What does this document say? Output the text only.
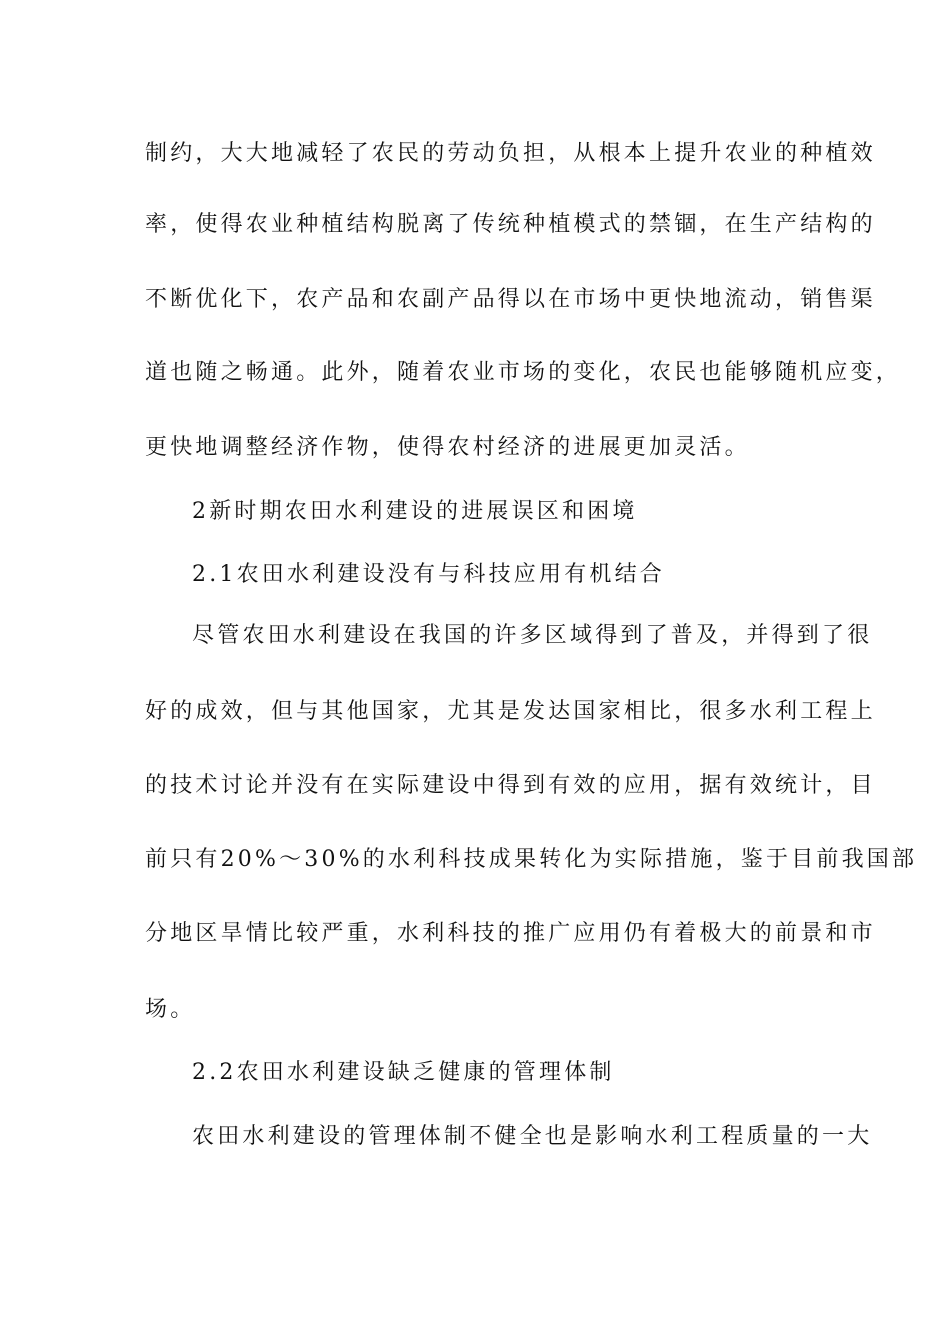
制约，大大地减轻了农民的劳动负担，从根本上提升农业的种植效
率，使得农业种植结构脱离了传统种植模式的禁锢，在生产结构的
不断优化下，农产品和农副产品得以在市场中更快地流动，销售渠
道也随之畅通。此外，随着农业市场的变化，农民也能够随机应变，
更快地调整经济作物，使得农村经济的进展更加灵活。
2新时期农田水利建设的进展误区和困境
2.1农田水利建设没有与科技应用有机结合
尽管农田水利建设在我国的许多区域得到了普及，并得到了很
好的成效，但与其他国家，尤其是发达国家相比，很多水利工程上
的技术讨论并没有在实际建设中得到有效的应用，据有效统计，目
前只有20%～30%的水利科技成果转化为实际措施，鉴于目前我国部
分地区旱情比较严重，水利科技的推广应用仍有着极大的前景和市
场。
2.2农田水利建设缺乏健康的管理体制
农田水利建设的管理体制不健全也是影响水利工程质量的一大
